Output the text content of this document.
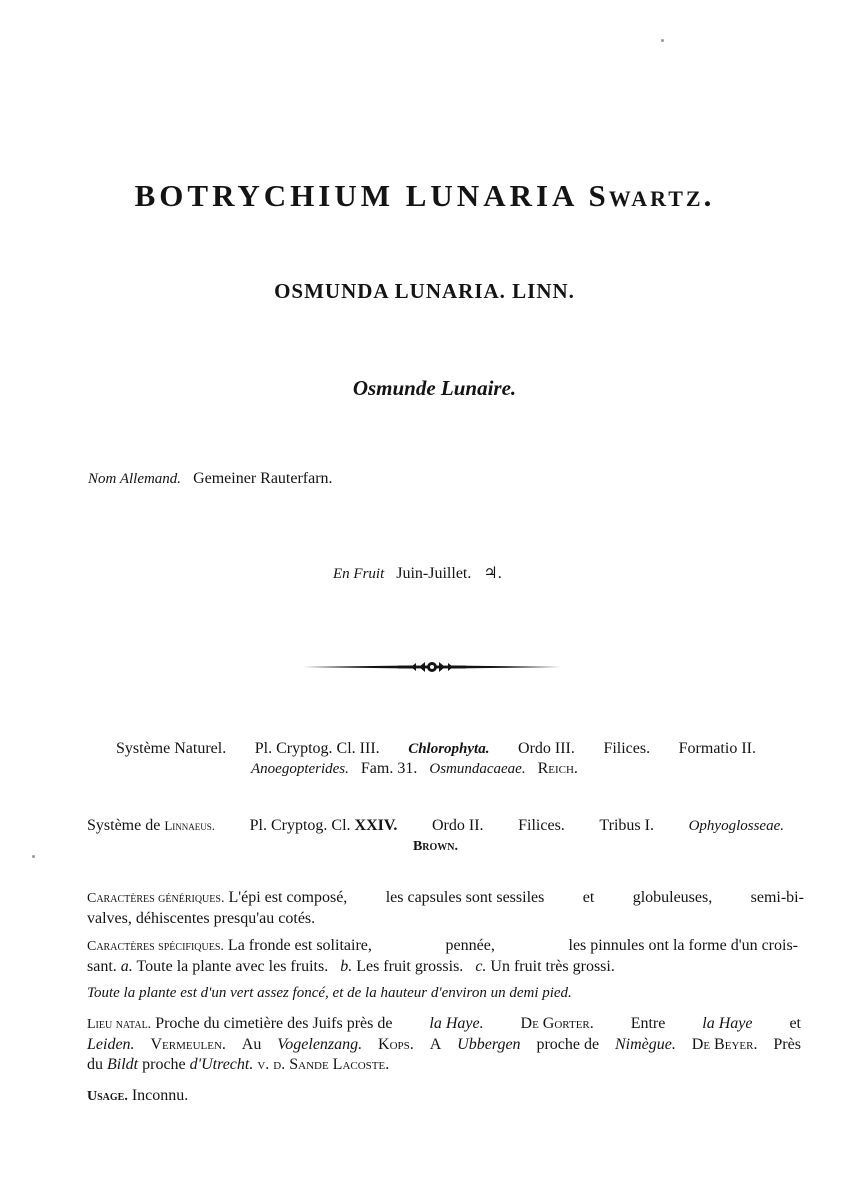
BOTRYCHIUM LUNARIA Swartz.
OSMUNDA LUNARIA. LINN.
Osmunde Lunaire.
Nom Allemand. Gemeiner Rauterfarn.
En Fruit Juin-Juillet. ♃.
Système Naturel. Pl. Cryptog. Cl. III. Chlorophyta. Ordo III. Filices. Formatio II.
Anoegopterides. Fam. 31. Osmundacaeae. Reich.
Système de Linnaeus. Pl. Cryptog. Cl. XXIV. Ordo II. Filices. Tribus I. Ophyoglosseae.
Brown.
Caractères génériques. L'épi est composé, les capsules sont sessiles et globuleuses, semi-bi-
valves, déhiscentes presqu'au cotés.
Caractères spécifiques. La fronde est solitaire,	pennée,	les pinnules ont la forme d'un crois-
sant. a. Toute la plante avec les fruits. b. Les fruit grossis. c. Un fruit très grossi.
Toute la plante est d'un vert assez foncé, et de la hauteur d'environ un demi pied.
Lieu natal. Proche du cimetière des Juifs près de la Haye. De Gorter. Entre la Haye et
Leiden. Vermeulen. Au Vogelenzang. Kops. A Ubbergen proche de Nimègue. De Beyer. Près
du Bildt proche d'Utrecht. v. d. Sande Lacoste.
Usage. Inconnu.
